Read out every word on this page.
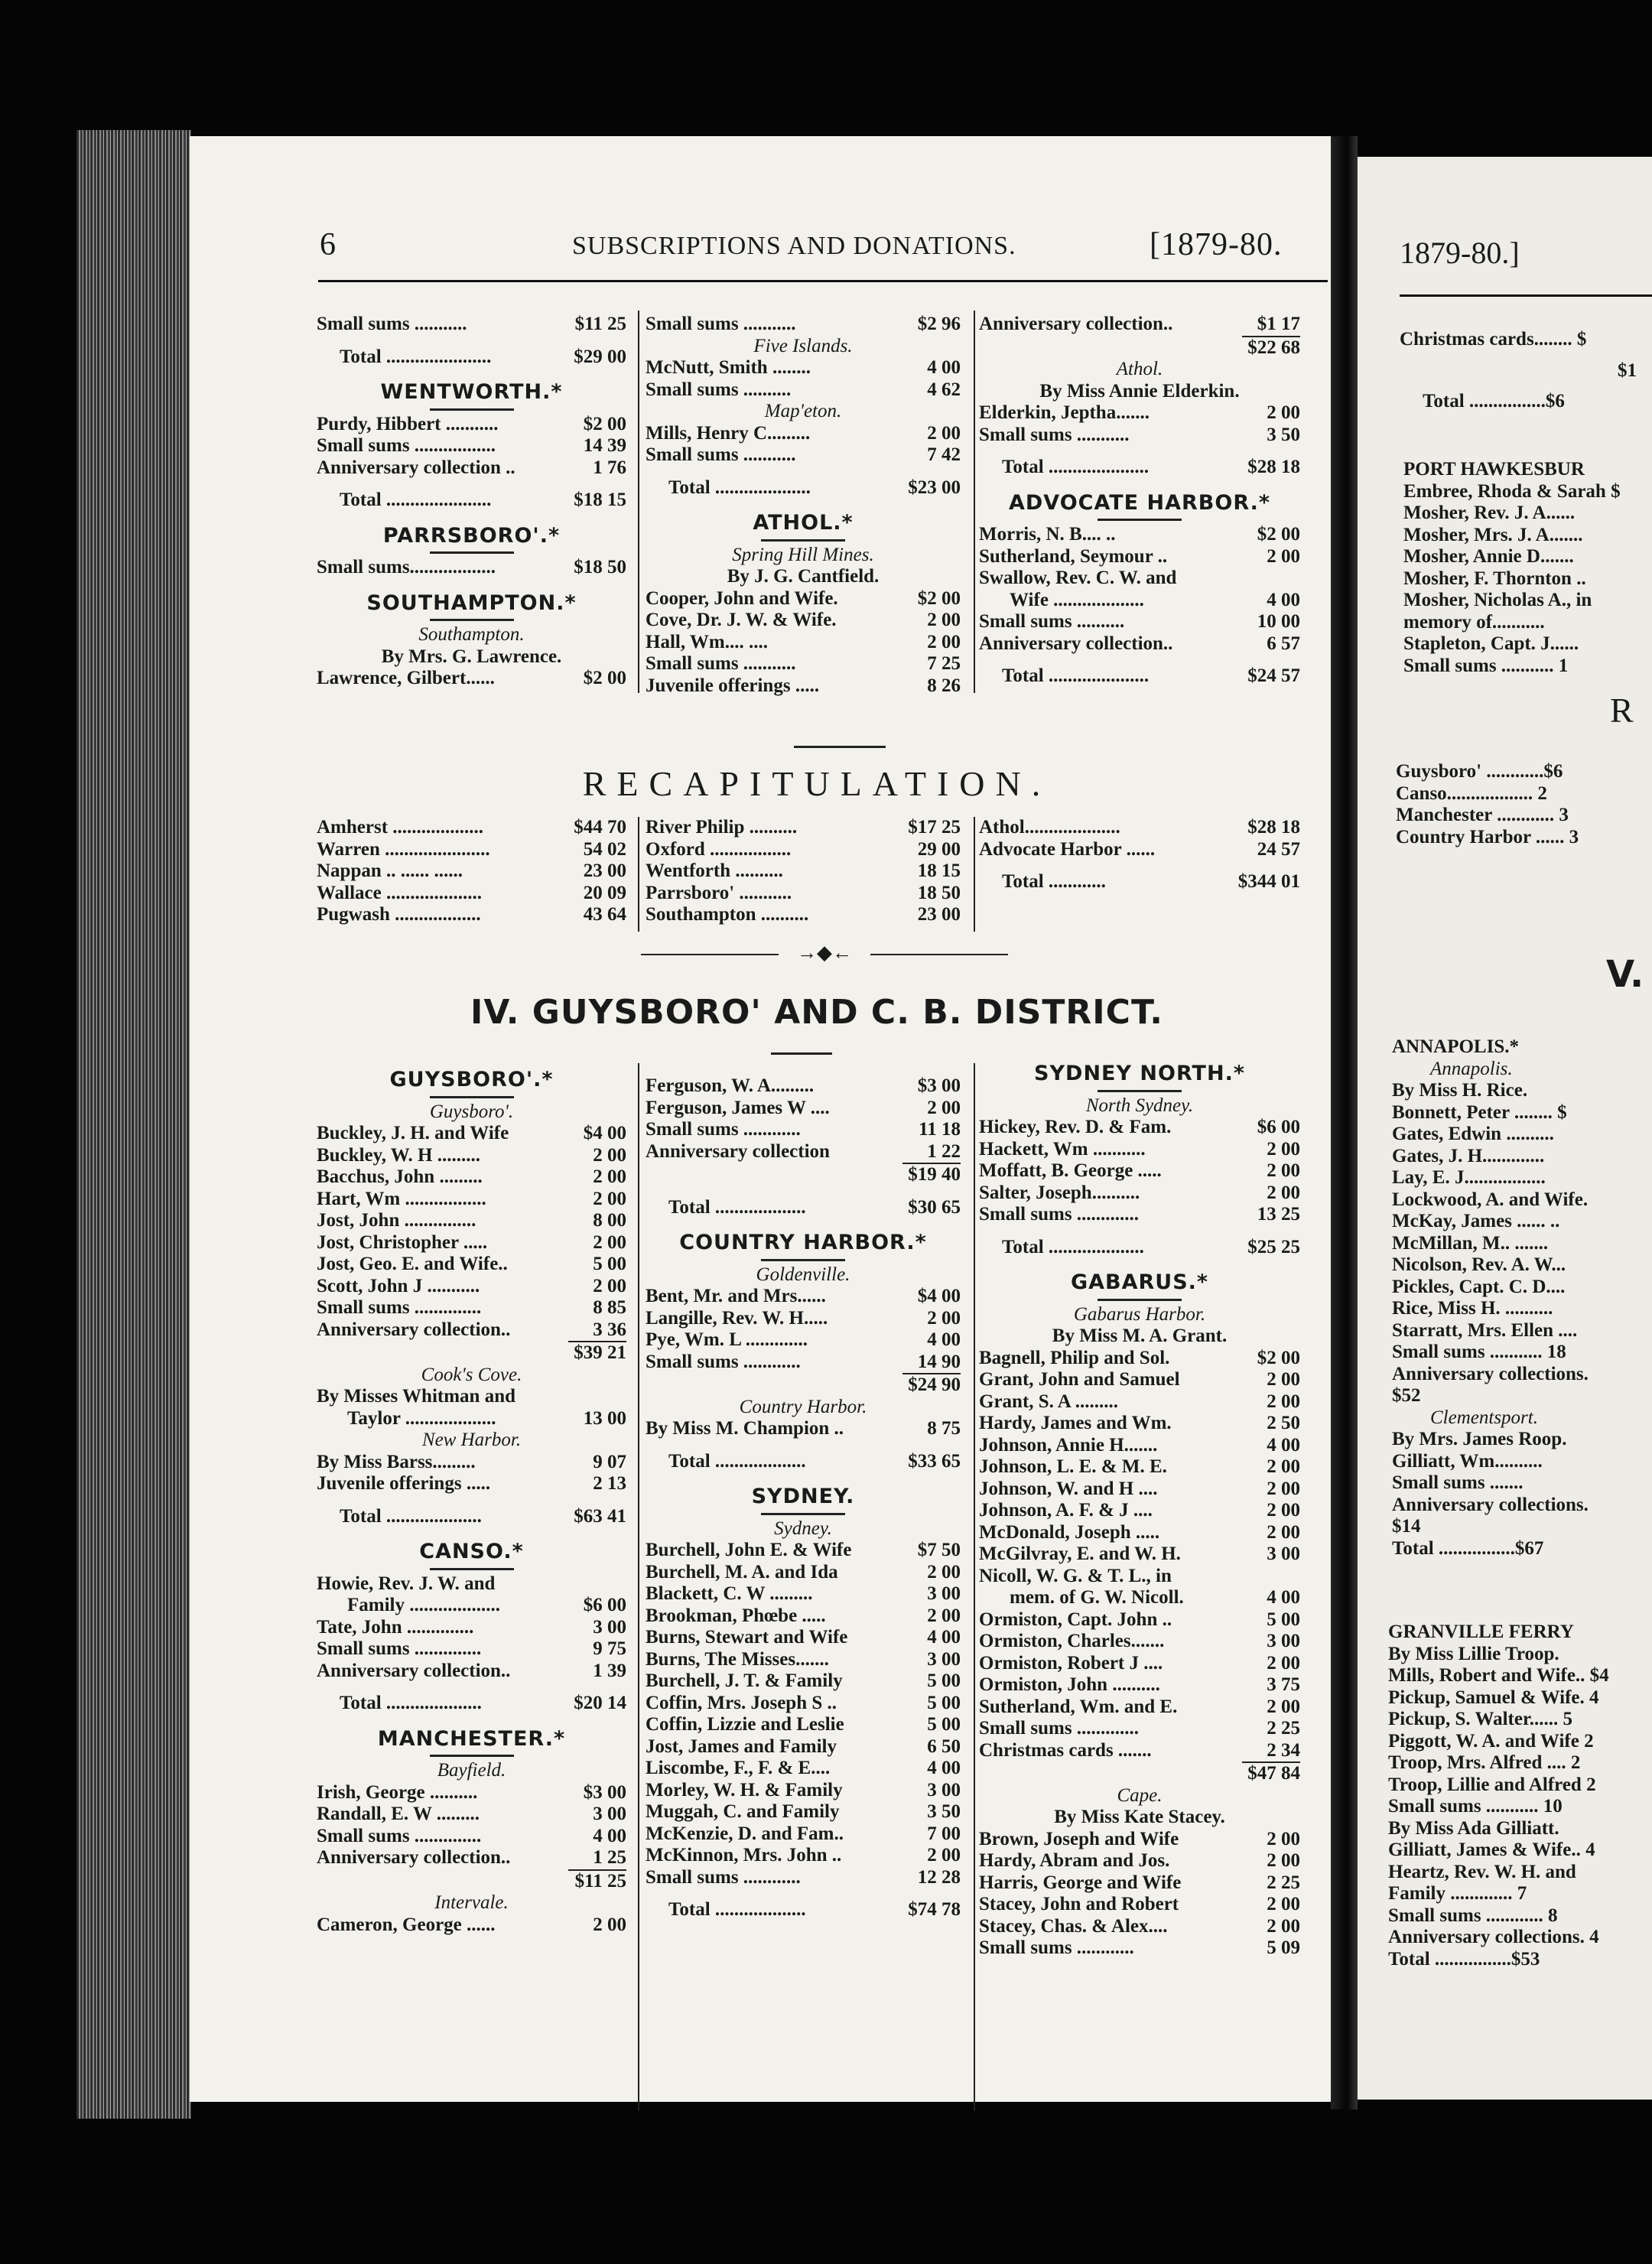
6	SUBSCRIPTIONS AND DONATIONS.	[1879-80.
Small sums ...........	$11 25
Total ......................	$29 00
WENTWORTH.*
Purdy, Hibbert ...........	$2 00
Small sums .................	14 39
Anniversary collection ..	1 76
Total ......................	$18 15
PARRSBORO'.*
Small sums..................	$18 50
SOUTHAMPTON.*
Southampton.
By Mrs. G. Lawrence.
Lawrence, Gilbert......	$2 00
Small sums ...........	$2 96
Five Islands.
McNutt, Smith ........	4 00
Small sums ..........	4 62
Map'eton.
Mills, Henry C.........	2 00
Small sums ...........	7 42
Total ....................	$23 00
ATHOL.*
Spring Hill Mines.
By J. G. Cantfield.
Cooper, John and Wife.	$2 00
Cove, Dr. J. W. & Wife.	2 00
Hall, Wm.... ....	2 00
Small sums ...........	7 25
Juvenile offerings .....	8 26
Anniversary collection..	$1 17
$22 68
Athol.
By Miss Annie Elderkin.
Elderkin, Jeptha.......	2 00
Small sums ...........	3 50
Total .....................	$28 18
ADVOCATE HARBOR.*
Morris, N. B.... ..	$2 00
Sutherland, Seymour ..	2 00
Swallow, Rev. C. W. and
Wife ...................	4 00
Small sums ..........	10 00
Anniversary collection..	6 57
Total .....................	$24 57
RECAPITULATION.
Amherst ...................	$44 70
Warren ......................	54 02
Nappan .. ...... ......	23 00
Wallace ....................	20 09
Pugwash ..................	43 64
River Philip ..........	$17 25
Oxford .................	29 00
Wentforth ..........	18 15
Parrsboro' ...........	18 50
Southampton ..........	23 00
Athol....................	$28 18
Advocate Harbor ......	24 57
Total ............	$344 01
→◆←
IV. GUYSBORO' AND C. B. DISTRICT.
GUYSBORO'.*
Guysboro'.
Buckley, J. H. and Wife	$4 00
Buckley, W. H .........	2 00
Bacchus, John .........	2 00
Hart, Wm .................	2 00
Jost, John ...............	8 00
Jost, Christopher .....	2 00
Jost, Geo. E. and Wife..	5 00
Scott, John J ...........	2 00
Small sums ..............	8 85
Anniversary collection..	3 36
$39 21
Cook's Cove.
By Misses Whitman and
Taylor ...................	13 00
New Harbor.
By Miss Barss.........	9 07
Juvenile offerings .....	2 13
Total ....................	$63 41
CANSO.*
Howie, Rev. J. W. and
Family ...................	$6 00
Tate, John ..............	3 00
Small sums ..............	9 75
Anniversary collection..	1 39
Total ....................	$20 14
MANCHESTER.*
Bayfield.
Irish, George ..........	$3 00
Randall, E. W .........	3 00
Small sums ..............	4 00
Anniversary collection..	1 25
$11 25
Intervale.
Cameron, George ......	2 00
Ferguson, W. A.........	$3 00
Ferguson, James W ....	2 00
Small sums ............	11 18
Anniversary collection	1 22
$19 40
Total ...................	$30 65
COUNTRY HARBOR.*
Goldenville.
Bent, Mr. and Mrs......	$4 00
Langille, Rev. W. H.....	2 00
Pye, Wm. L .............	4 00
Small sums ............	14 90
$24 90
Country Harbor.
By Miss M. Champion ..	8 75
Total ...................	$33 65
SYDNEY.
Sydney.
Burchell, John E. & Wife	$7 50
Burchell, M. A. and Ida	2 00
Blackett, C. W .........	3 00
Brookman, Phœbe .....	2 00
Burns, Stewart and Wife	4 00
Burns, The Misses.......	3 00
Burchell, J. T. & Family	5 00
Coffin, Mrs. Joseph S ..	5 00
Coffin, Lizzie and Leslie	5 00
Jost, James and Family	6 50
Liscombe, F., F. & E....	4 00
Morley, W. H. & Family	3 00
Muggah, C. and Family	3 50
McKenzie, D. and Fam..	7 00
McKinnon, Mrs. John ..	2 00
Small sums ............	12 28
Total ...................	$74 78
SYDNEY NORTH.*
North Sydney.
Hickey, Rev. D. & Fam.	$6 00
Hackett, Wm ...........	2 00
Moffatt, B. George .....	2 00
Salter, Joseph..........	2 00
Small sums .............	13 25
Total ....................	$25 25
GABARUS.*
Gabarus Harbor.
By Miss M. A. Grant.
Bagnell, Philip and Sol.	$2 00
Grant, John and Samuel	2 00
Grant, S. A .........	2 00
Hardy, James and Wm.	2 50
Johnson, Annie H.......	4 00
Johnson, L. E. & M. E.	2 00
Johnson, W. and H ....	2 00
Johnson, A. F. & J ....	2 00
McDonald, Joseph .....	2 00
McGilvray, E. and W. H.	3 00
Nicoll, W. G. & T. L., in
mem. of G. W. Nicoll.	4 00
Ormiston, Capt. John ..	5 00
Ormiston, Charles.......	3 00
Ormiston, Robert J ....	2 00
Ormiston, John ..........	3 75
Sutherland, Wm. and E.	2 00
Small sums .............	2 25
Christmas cards .......	2 34
$47 84
Cape.
By Miss Kate Stacey.
Brown, Joseph and Wife	2 00
Hardy, Abram and Jos.	2 00
Harris, George and Wife	2 25
Stacey, John and Robert	2 00
Stacey, Chas. & Alex....	2 00
Small sums ............	5 09
1879-80.]
Christmas cards........ $
$1
Total ................$6
PORT HAWKESBUR
Embree, Rhoda & Sarah $
Mosher, Rev. J. A......
Mosher, Mrs. J. A.......
Mosher, Annie D.......
Mosher, F. Thornton ..
Mosher, Nicholas A., in
memory of...........
Stapleton, Capt. J......
Small sums ........... 1
R
Guysboro' ............$6
Canso.................. 2
Manchester ............ 3
Country Harbor ...... 3
V.
ANNAPOLIS.*
Annapolis.
By Miss H. Rice.
Bonnett, Peter ........ $
Gates, Edwin ..........
Gates, J. H.............
Lay, E. J.................
Lockwood, A. and Wife.
McKay, James ...... ..
McMillan, M.. .......
Nicolson, Rev. A. W...
Pickles, Capt. C. D....
Rice, Miss H. ..........
Starratt, Mrs. Ellen ....
Small sums ........... 18
Anniversary collections.
$52
Clementsport.
By Mrs. James Roop.
Gilliatt, Wm..........
Small sums .......
Anniversary collections.
$14
Total ................$67
GRANVILLE FERRY
By Miss Lillie Troop.
Mills, Robert and Wife.. $4
Pickup, Samuel & Wife. 4
Pickup, S. Walter...... 5
Piggott, W. A. and Wife 2
Troop, Mrs. Alfred .... 2
Troop, Lillie and Alfred 2
Small sums ........... 10
By Miss Ada Gilliatt.
Gilliatt, James & Wife.. 4
Heartz, Rev. W. H. and
Family ............. 7
Small sums ............ 8
Anniversary collections. 4
Total ................$53
